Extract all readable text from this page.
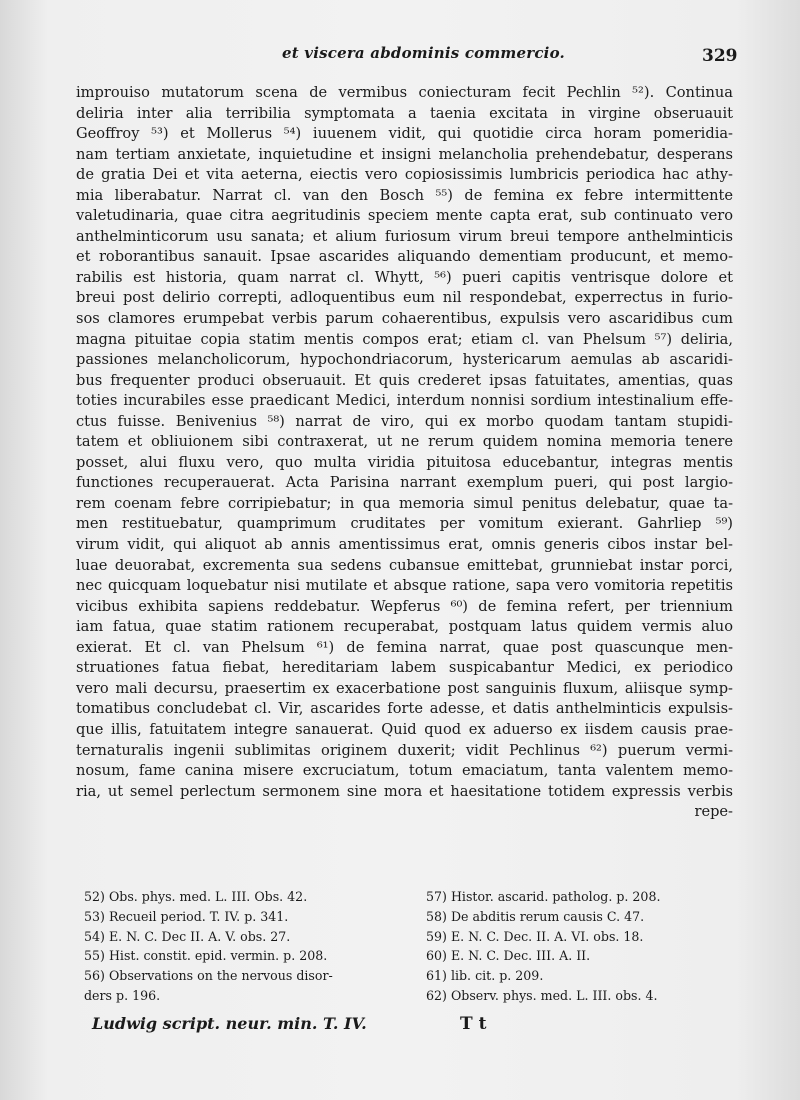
et viscera abdominis commercio.	329
improuiso mutatorum scena de vermibus coniecturam fecit Pechlin ⁵²). Continua
deliria inter alia terribilia symptomata a taenia excitata in virgine obseruauit
Geoffroy ⁵³) et Mollerus ⁵⁴) iuuenem vidit, qui quotidie circa horam pomeridia-
nam tertiam anxietate, inquietudine et insigni melancholia prehendebatur, desperans
de gratia Dei et vita aeterna, eiectis vero copiosissimis lumbricis periodica hac athy-
mia liberabatur. Narrat cl. van den Bosch ⁵⁵) de femina ex febre intermittente
valetudinaria, quae citra aegritudinis speciem mente capta erat, sub continuato vero
anthelminticorum usu sanata; et alium furiosum virum breui tempore anthelminticis
et roborantibus sanauit. Ipsae ascarides aliquando dementiam producunt, et memo-
rabilis est historia, quam narrat cl. Whytt, ⁵⁶) pueri capitis ventrisque dolore et
breui post delirio correpti, adloquentibus eum nil respondebat, experrectus in furio-
sos clamores erumpebat verbis parum cohaerentibus, expulsis vero ascaridibus cum
magna pituitae copia statim mentis compos erat; etiam cl. van Phelsum ⁵⁷) deliria,
passiones melancholicorum, hypochondriacorum, hystericarum aemulas ab ascaridi-
bus frequenter produci obseruauit. Et quis crederet ipsas fatuitates, amentias, quas
toties incurabiles esse praedicant Medici, interdum nonnisi sordium intestinalium effe-
ctus fuisse. Benivenius ⁵⁸) narrat de viro, qui ex morbo quodam tantam stupidi-
tatem et obliuionem sibi contraxerat, ut ne rerum quidem nomina memoria tenere
posset, alui fluxu vero, quo multa viridia pituitosa educebantur, integras mentis
functiones recuperauerat. Acta Parisina narrant exemplum pueri, qui post largio-
rem coenam febre corripiebatur; in qua memoria simul penitus delebatur, quae ta-
men restituebatur, quamprimum cruditates per vomitum exierant. Gahrliep ⁵⁹)
virum vidit, qui aliquot ab annis amentissimus erat, omnis generis cibos instar bel-
luae deuorabat, excrementa sua sedens cubansue emittebat, grunniebat instar porci,
nec quicquam loquebatur nisi mutilate et absque ratione, sapa vero vomitoria repetitis
vicibus exhibita sapiens reddebatur. Wepferus ⁶⁰) de femina refert, per triennium
iam fatua, quae statim rationem recuperabat, postquam latus quidem vermis aluo
exierat. Et cl. van Phelsum ⁶¹) de femina narrat, quae post quascunque men-
struationes fatua fiebat, hereditariam labem suspicabantur Medici, ex periodico
vero mali decursu, praesertim ex exacerbatione post sanguinis fluxum, aliisque symp-
tomatibus concludebat cl. Vir, ascarides forte adesse, et datis anthelminticis expulsis-
que illis, fatuitatem integre sanauerat. Quid quod ex aduerso ex iisdem causis prae-
ternaturalis ingenii sublimitas originem duxerit; vidit Pechlinus ⁶²) puerum vermi-
nosum, fame canina misere excruciatum, totum emaciatum, tanta valentem memo-
ria, ut semel perlectum sermonem sine mora et haesitatione totidem expressis verbis
repe-
52) Obs. phys. med. L. III. Obs. 42.
53) Recueil period. T. IV. p. 341.
54) E. N. C. Dec II. A. V. obs. 27.
55) Hist. constit. epid. vermin. p. 208.
56) Observations on the nervous disor-
ders p. 196.
57) Histor. ascarid. patholog. p. 208.
58) De abditis rerum causis C. 47.
59) E. N. C. Dec. II. A. VI. obs. 18.
60) E. N. C. Dec. III. A. II.
61) lib. cit. p. 209.
62) Observ. phys. med. L. III. obs. 4.
Ludwig script. neur. min. T. IV.	T t
